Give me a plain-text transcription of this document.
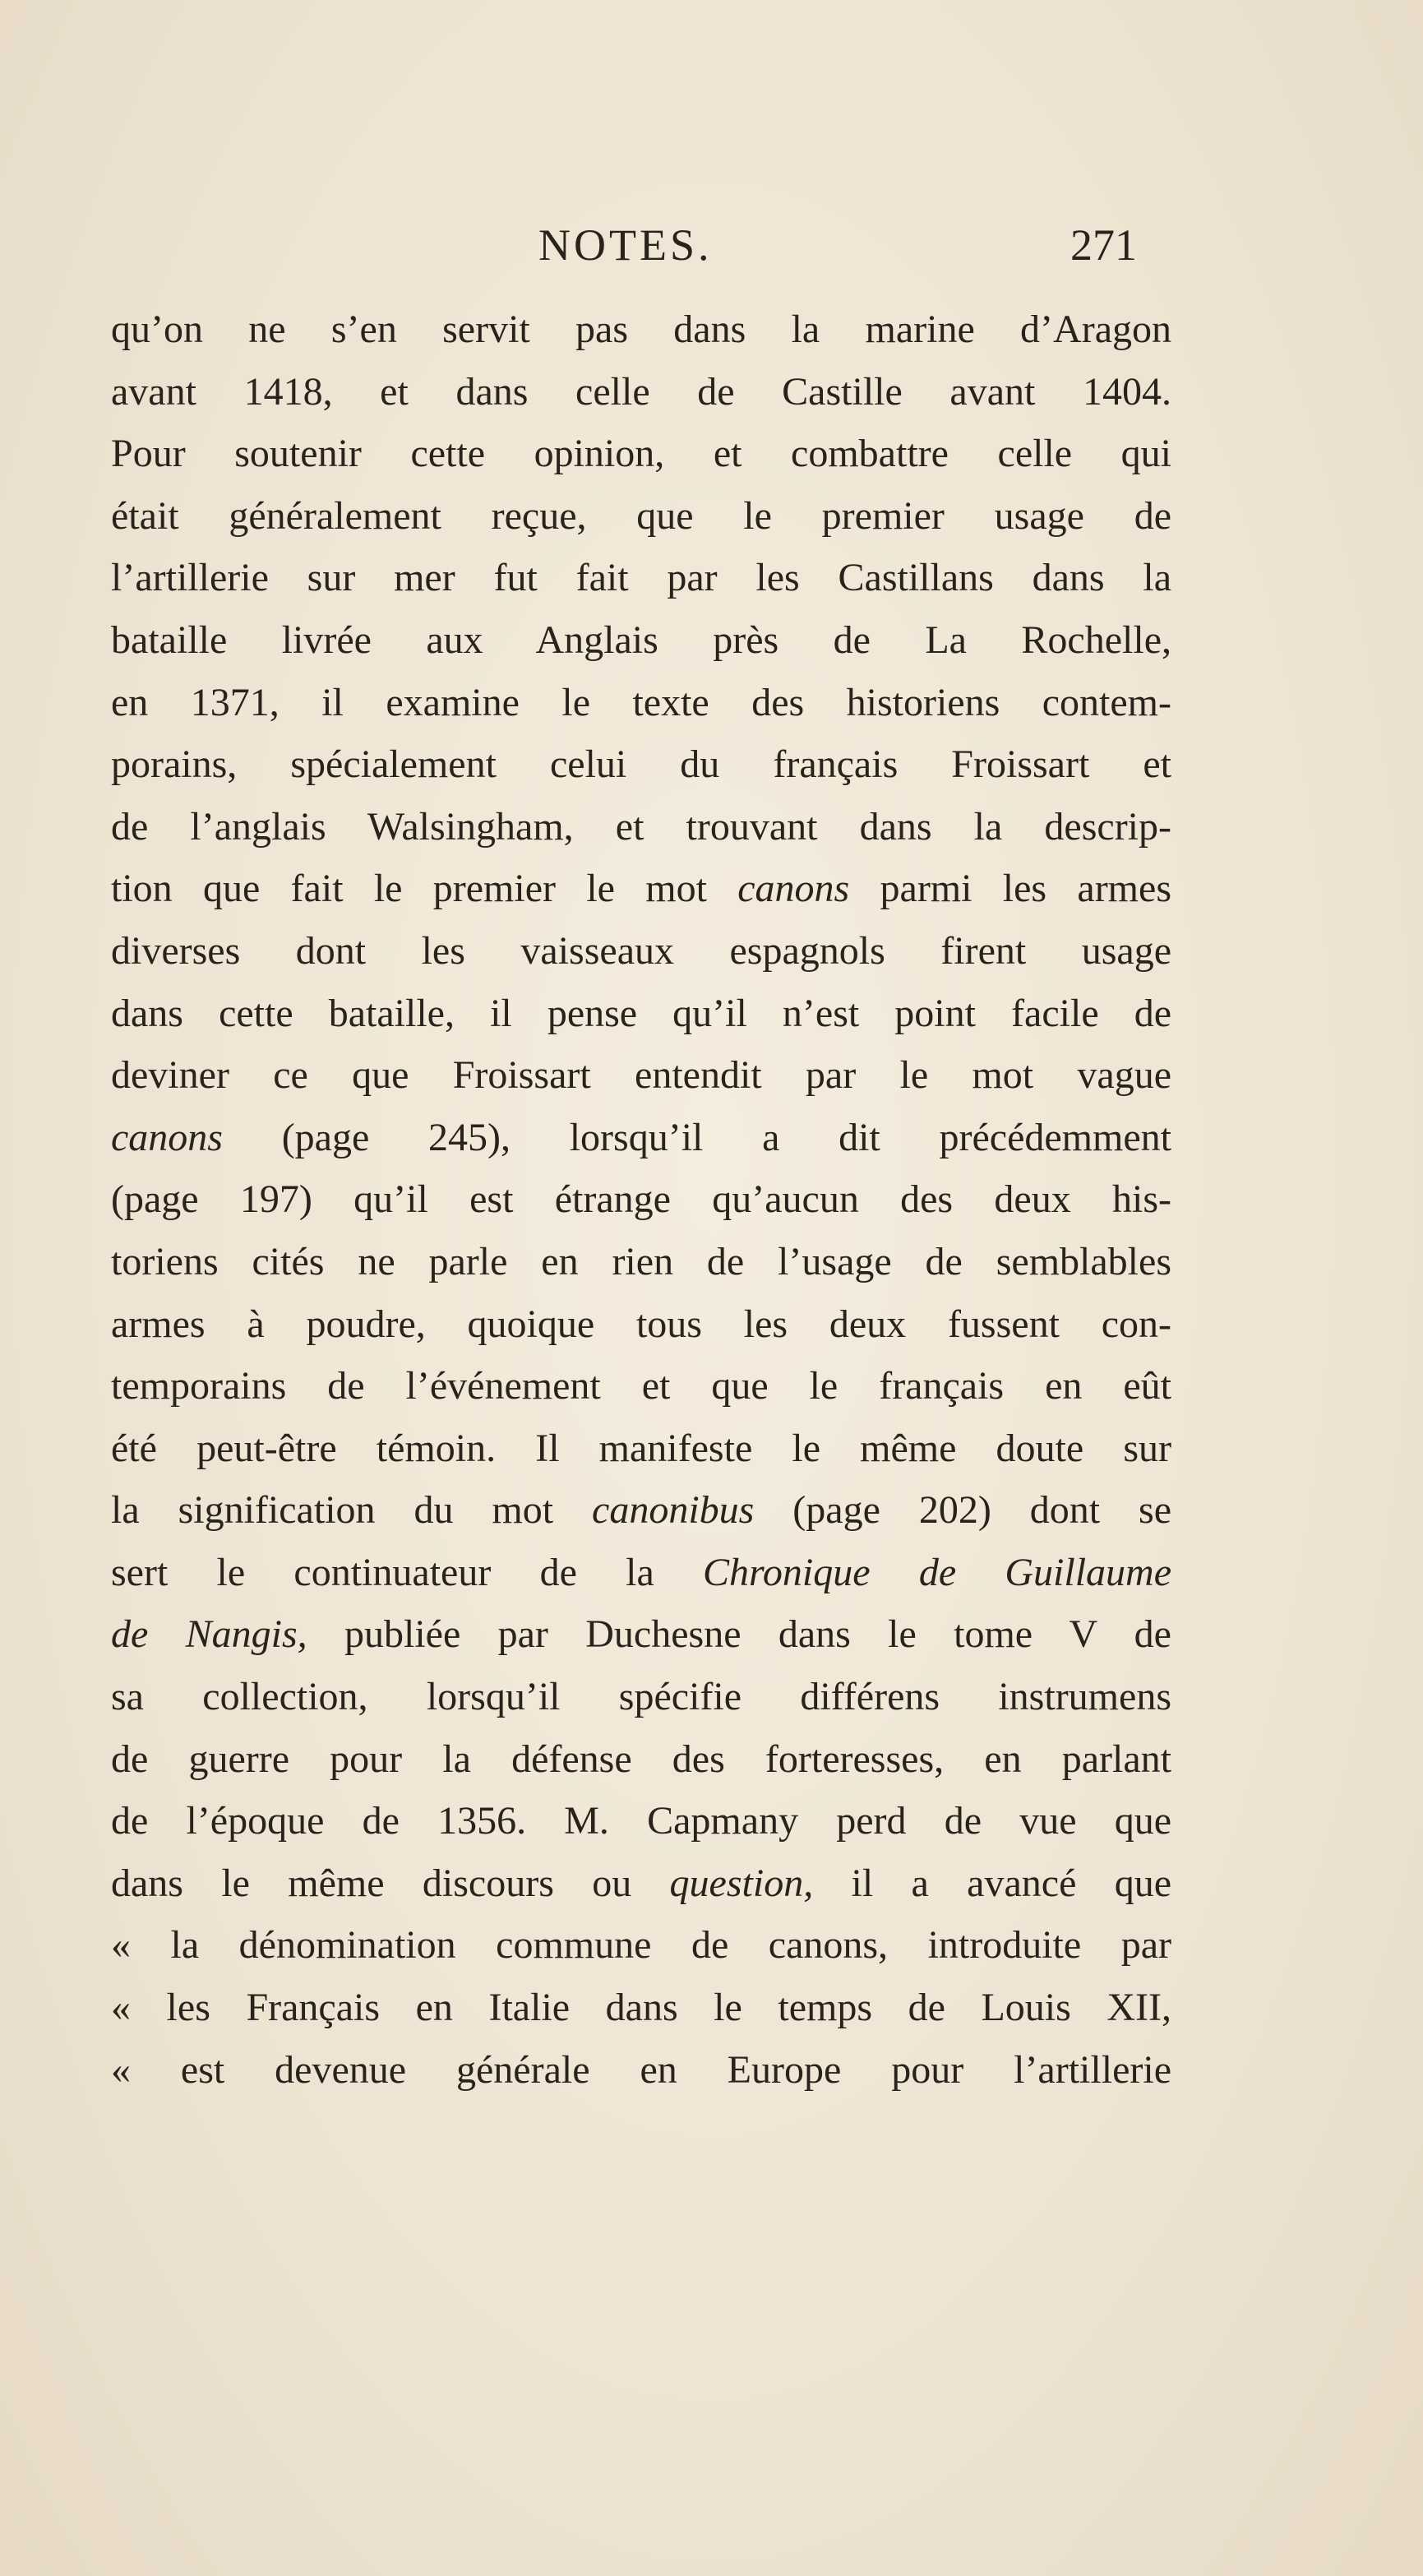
NOTES.	271
qu’on ne s’en servit pas dans la marine d’Aragon
avant 1418, et dans celle de Castille avant 1404.
Pour soutenir cette opinion, et combattre celle qui
était généralement reçue, que le premier usage de
l’artillerie sur mer fut fait par les Castillans dans la
bataille livrée aux Anglais près de La Rochelle,
en 1371, il examine le texte des historiens contem-
porains, spécialement celui du français Froissart et
de l’anglais Walsingham, et trouvant dans la descrip-
tion que fait le premier le mot canons parmi les armes
diverses dont les vaisseaux espagnols firent usage
dans cette bataille, il pense qu’il n’est point facile de
deviner ce que Froissart entendit par le mot vague
canons (page 245), lorsqu’il a dit précédemment
(page 197) qu’il est étrange qu’aucun des deux his-
toriens cités ne parle en rien de l’usage de semblables
armes à poudre, quoique tous les deux fussent con-
temporains de l’événement et que le français en eût
été peut-être témoin. Il manifeste le même doute sur
la signification du mot canonibus (page 202) dont se
sert le continuateur de la Chronique de Guillaume
de Nangis, publiée par Duchesne dans le tome V de
sa collection, lorsqu’il spécifie différens instrumens
de guerre pour la défense des forteresses, en parlant
de l’époque de 1356. M. Capmany perd de vue que
dans le même discours ou question, il a avancé que
« la dénomination commune de canons, introduite par
« les Français en Italie dans le temps de Louis XII,
« est devenue générale en Europe pour l’artillerie
